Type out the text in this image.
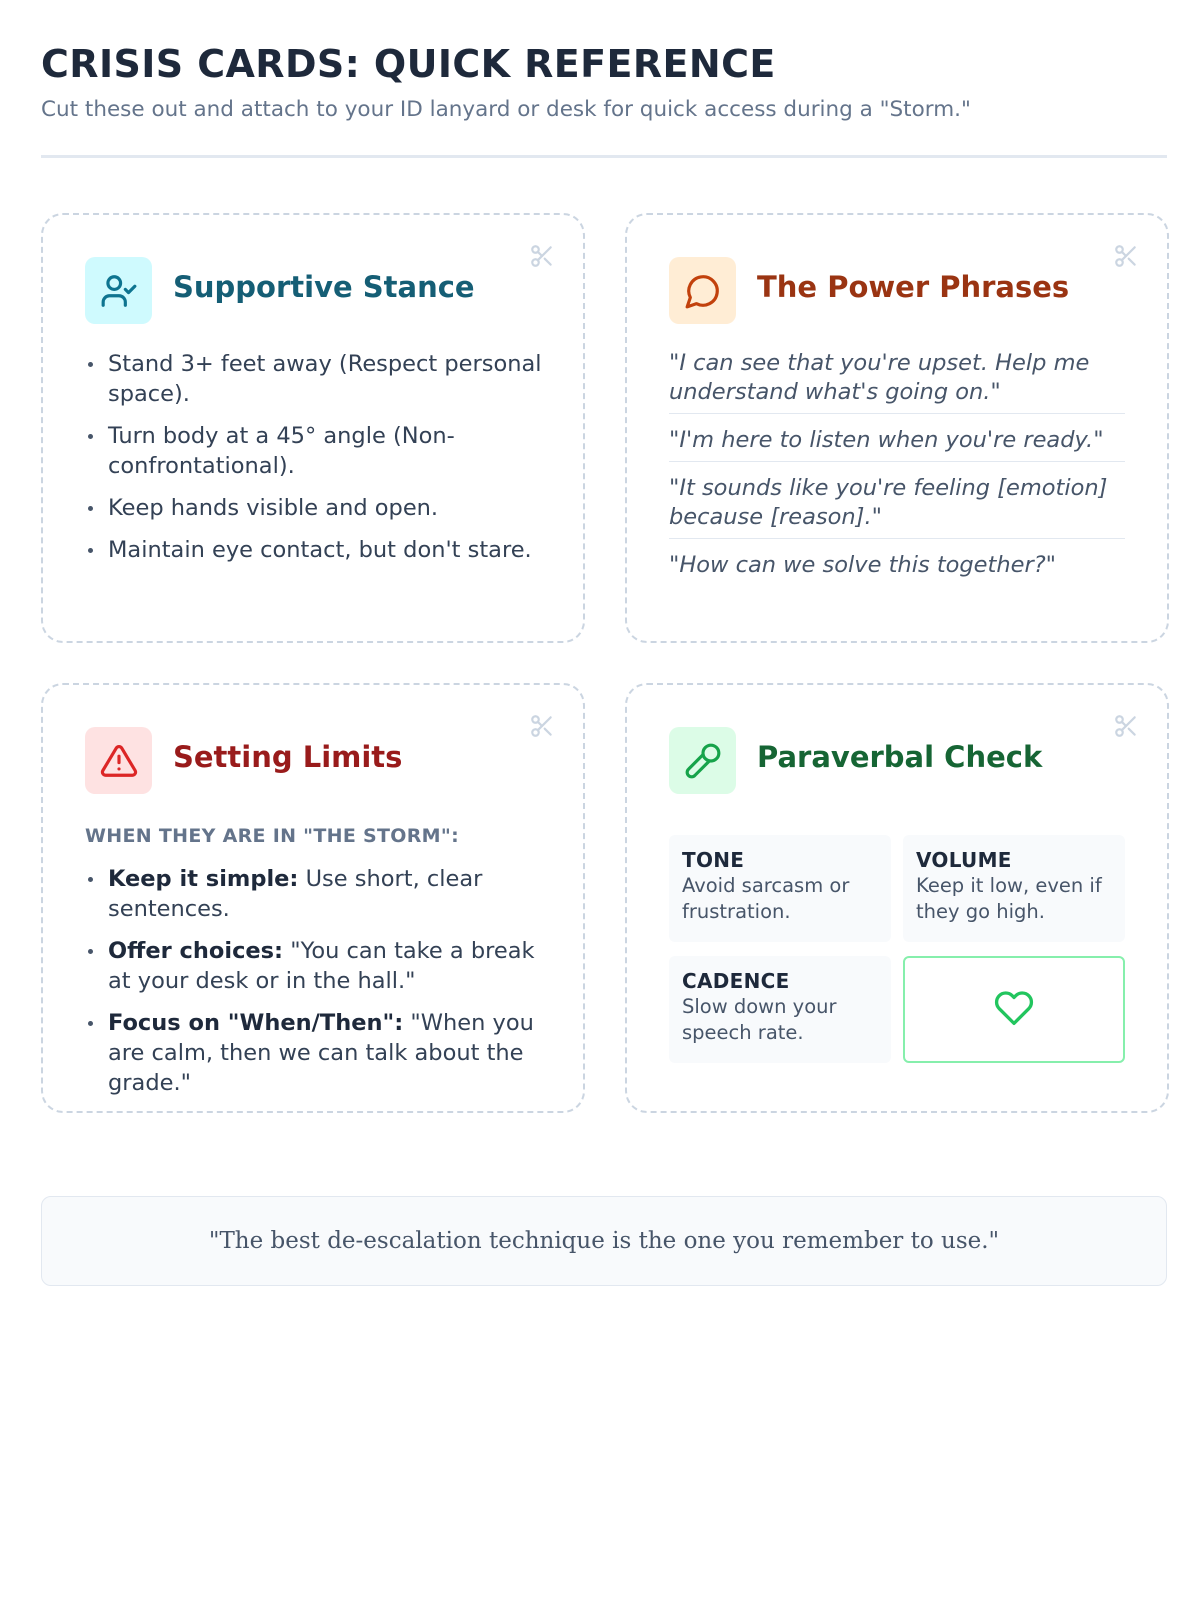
CRISIS CARDS: QUICK REFERENCE

Cut these out and attach to your ID lanyard or desk for quick access during a "Storm."

Supportive Stance
Stand 3+ feet away (Respect personal space).
Turn body at a 45° angle (Non-confrontational).
Keep hands visible and open.
Maintain eye contact, but don't stare.
The Power Phrases
"I can see that you're upset. Help me understand what's going on."
"I'm here to listen when you're ready."
"It sounds like you're feeling [emotion] because [reason]."
"How can we solve this together?"
Setting Limits

WHEN THEY ARE IN "THE STORM":

Keep it simple: Use short, clear sentences.
Offer choices: "You can take a break at your desk or in the hall."
Focus on "When/Then": "When you are calm, then we can talk about the grade."
Paraverbal Check
TONE
Avoid sarcasm or frustration.
VOLUME
Keep it low, even if they go high.
CADENCE
Slow down your speech rate.
"The best de-escalation technique is the one you remember to use."
